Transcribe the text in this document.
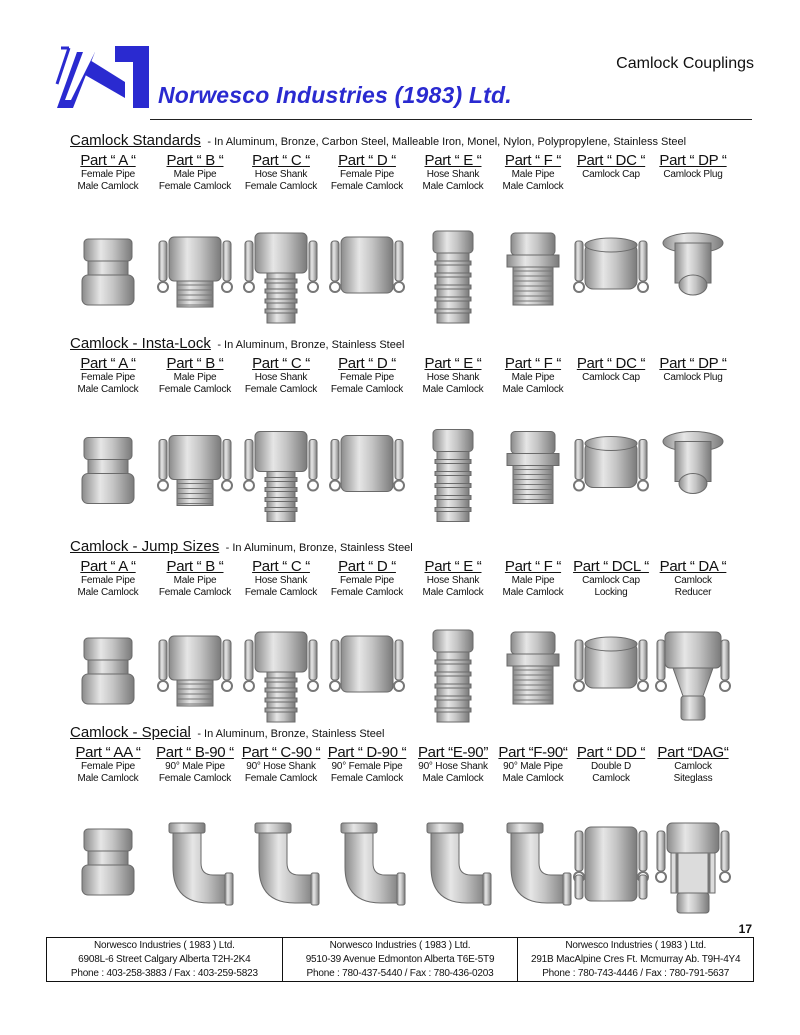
Norwesco Industries (1983) Ltd.
Camlock Couplings
Camlock Standards - In Aluminum, Bronze, Carbon Steel, Malleable Iron, Monel, Nylon, Polypropylene, Stainless Steel
Part “ A “
Female Pipe
Male Camlock
Part “ B “
Male Pipe
Female Camlock
Part “ C “
Hose Shank
Female Camlock
Part “ D “
Female Pipe
Female Camlock
Part “ E “
Hose Shank
Male Camlock
Part “ F “
Male Pipe
Male Camlock
Part “ DC “
Camlock Cap
Part “ DP “
Camlock Plug
Camlock - Insta-Lock - In Aluminum, Bronze, Stainless Steel
Part “ A “
Female Pipe
Male Camlock
Part “ B “
Male Pipe
Female Camlock
Part “ C “
Hose Shank
Female Camlock
Part “ D “
Female Pipe
Female Camlock
Part “ E “
Hose Shank
Male Camlock
Part “ F “
Male Pipe
Male Camlock
Part “ DC “
Camlock Cap
Part “ DP “
Camlock Plug
Camlock - Jump Sizes - In Aluminum, Bronze, Stainless Steel
Part “ A “
Female Pipe
Male Camlock
Part “ B “
Male Pipe
Female Camlock
Part “ C “
Hose Shank
Female Camlock
Part “ D “
Female Pipe
Female Camlock
Part “ E “
Hose Shank
Male Camlock
Part “ F “
Male Pipe
Male Camlock
Part “ DCL “
Camlock Cap
Locking
Part “ DA “
Camlock
Reducer
Camlock - Special - In Aluminum, Bronze, Stainless Steel
Part “ AA “
Female Pipe
Male Camlock
Part “ B-90 “
90° Male Pipe
Female Camlock
Part “ C-90 “
90° Hose Shank
Female Camlock
Part “ D-90 “
90° Female Pipe
Female Camlock
Part “E-90”
90° Hose Shank
Male Camlock
Part “F-90“
90° Male Pipe
Male Camlock
Part “ DD “
Double D
Camlock
Part “DAG“
Camlock
Siteglass
17
Norwesco Industries ( 1983 ) Ltd.
6908L-6 Street Calgary Alberta T2H-2K4
Phone : 403-258-3883 / Fax : 403-259-5823
Norwesco Industries ( 1983 ) Ltd.
9510-39 Avenue Edmonton Alberta T6E-5T9
Phone : 780-437-5440 / Fax : 780-436-0203
Norwesco Industries ( 1983 ) Ltd.
291B MacAlpine Cres Ft. Mcmurray Ab. T9H-4Y4
Phone : 780-743-4446 / Fax : 780-791-5637
